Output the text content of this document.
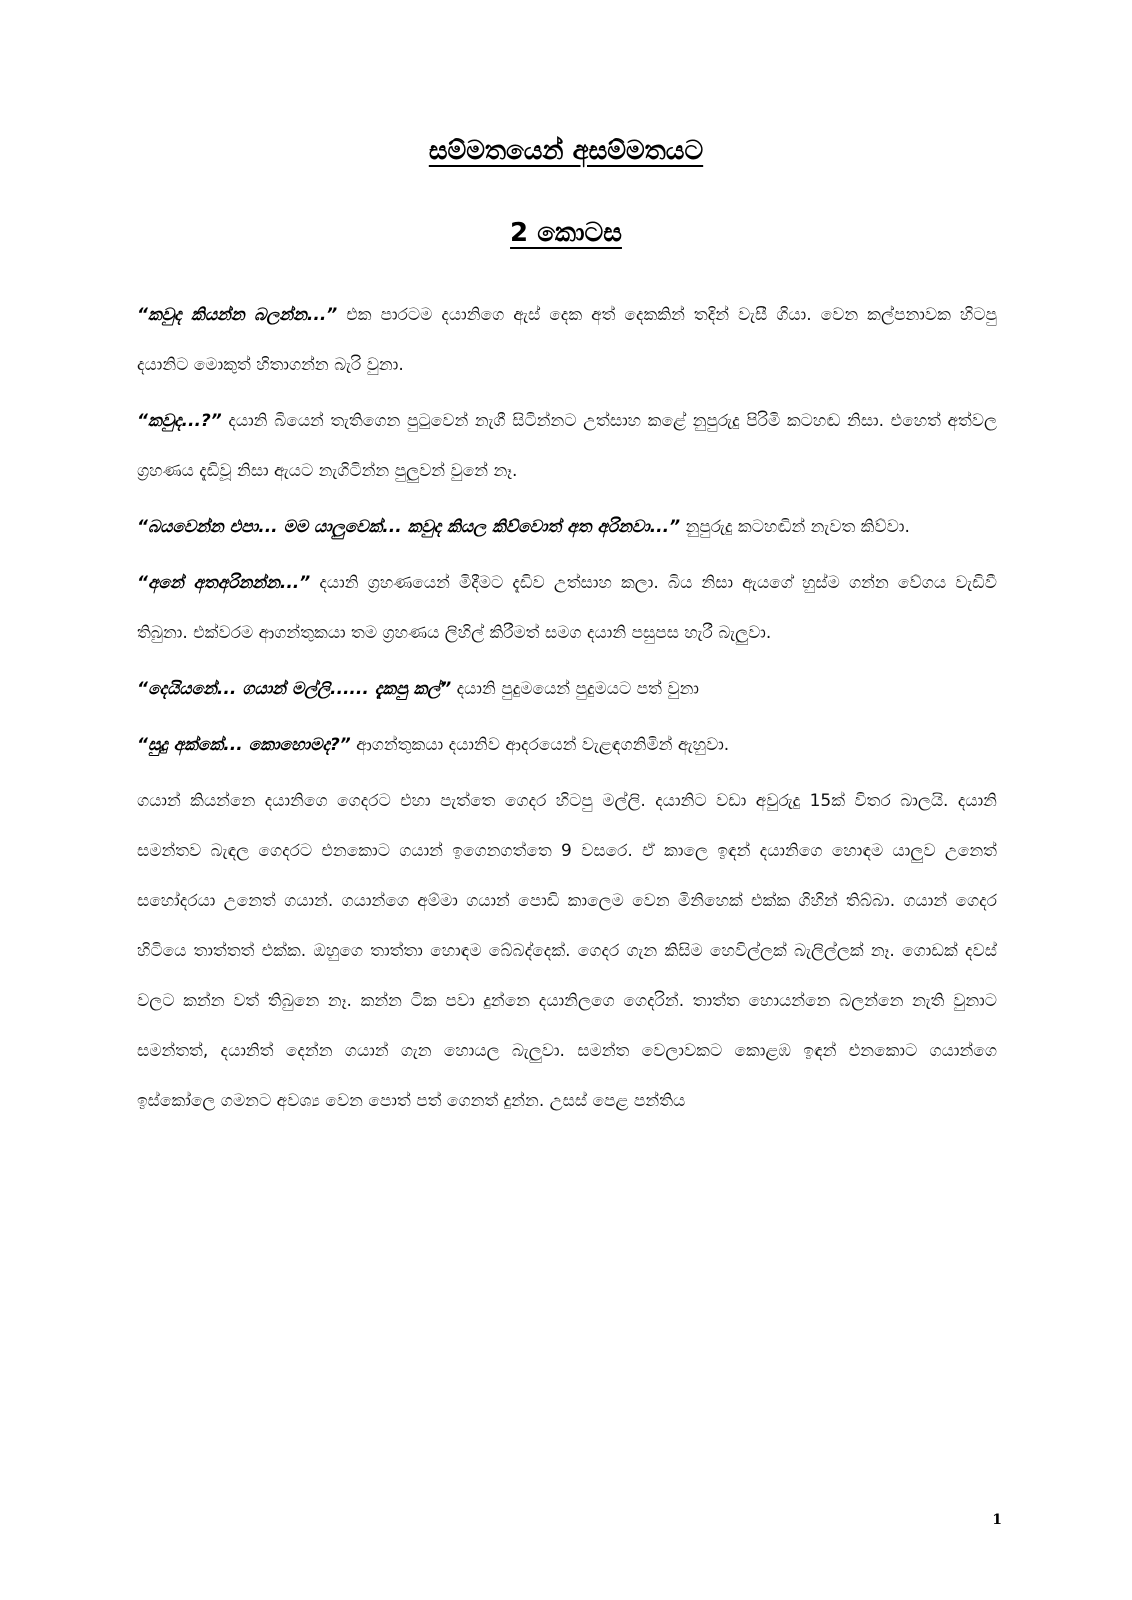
සම්මතයෙන් අසම්මතයට
2 කොටස

“කවුද කියන්න බලන්න...” එක පාරටම දයානිගෙ ඇස් දෙක අත් දෙකකින් තදින් වැසී ගියා. වෙන කල්පනාවක හිටපු දයානිට මොකුත් හිතාගන්න බැරි වුනා.

“කවුද...?” දයානි බියෙන් තැතිගෙන පුටුවෙන් නැගී සිටින්නට උත්සාහ කළේ නුපුරුදු පිරිමි කටහඬ නිසා. එහෙත් අත්වල ග්‍රහණය දැඩිවූ නිසා ඇයට නැගිටින්න පුලුවන් වුනේ නෑ.

“බයවෙන්න එපා... මම යාලුවෙක්... කවුද කියල කිව්වොත් අත අරිනවා...” නුපුරුදු කටහඬින් නැවත කිව්වා.

“අනේ අතඅරිනන්න...” දයානි ග්‍රහණයෙන් මිදීමට දැඩිව උත්සාහ කලා. බිය නිසා ඇයගේ හුස්ම ගන්න වේගය වැඩිවී තිබුනා. එක්වරම ආගන්තුකයා තම ග්‍රහණය ලිහිල් කිරීමත් සමග දයානි පසුපස හැරී බැලුවා.

“දෙයියනේ... ගයාන් මල්ලි...... දැකපු කල්” දයානි පුදුමයෙන් පුදුමයට පත් වුනා

“සුදු අක්කේ... කොහොමද?” ආගන්තුකයා දයානිව ආදරයෙන් වැළඳගනිමින් ඇහුවා.

ගයාන් කියන්නෙ දයානිගෙ ගෙදරට එහා පැත්තෙ ගෙදර හිටපු මල්ලි. දයානිට වඩා අවුරුදු 15ක් විතර බාලයි. දයානි සමන්තව බැඳල ගෙදරට එනකොට ගයාන් ඉගෙනගත්තෙ 9 වසරෙ. ඒ කාලෙ ඉඳන් දයානිගෙ හොඳම යාලුව උනෙත් සහෝදරයා උනෙත් ගයාන්. ගයාන්ගෙ අම්මා ගයාන් පොඩි කාලෙම වෙන මිනිහෙක් එක්ක ගිහින් තිබ්බා. ගයාන් ගෙදර හිටියෙ තාත්තත් එක්ක. ඔහුගෙ තාත්තා හොඳම බේබද්දෙක්. ගෙදර ගැන කිසිම හෙවිල්ලක් බැලිල්ලක් නෑ. ගොඩක් දවස් වලට කන්න වත් තිබුනෙ නෑ. කන්න ටික පවා දුන්නෙ දයානිලගෙ ගෙදරින්. තාත්ත හොයන්නෙ බලන්නෙ නැති වුනාට සමන්තත්, දයානිත් දෙන්න ගයාන් ගැන හොයල බැලුවා. සමන්ත වෙලාවකට කොළඹ ඉඳන් එනකොට ගයාන්ගෙ ඉස්කෝලෙ ගමනට අවශ්‍ය වෙන පොත් පත් ගෙනත් දුන්න. උසස් පෙළ පන්තිය

1
